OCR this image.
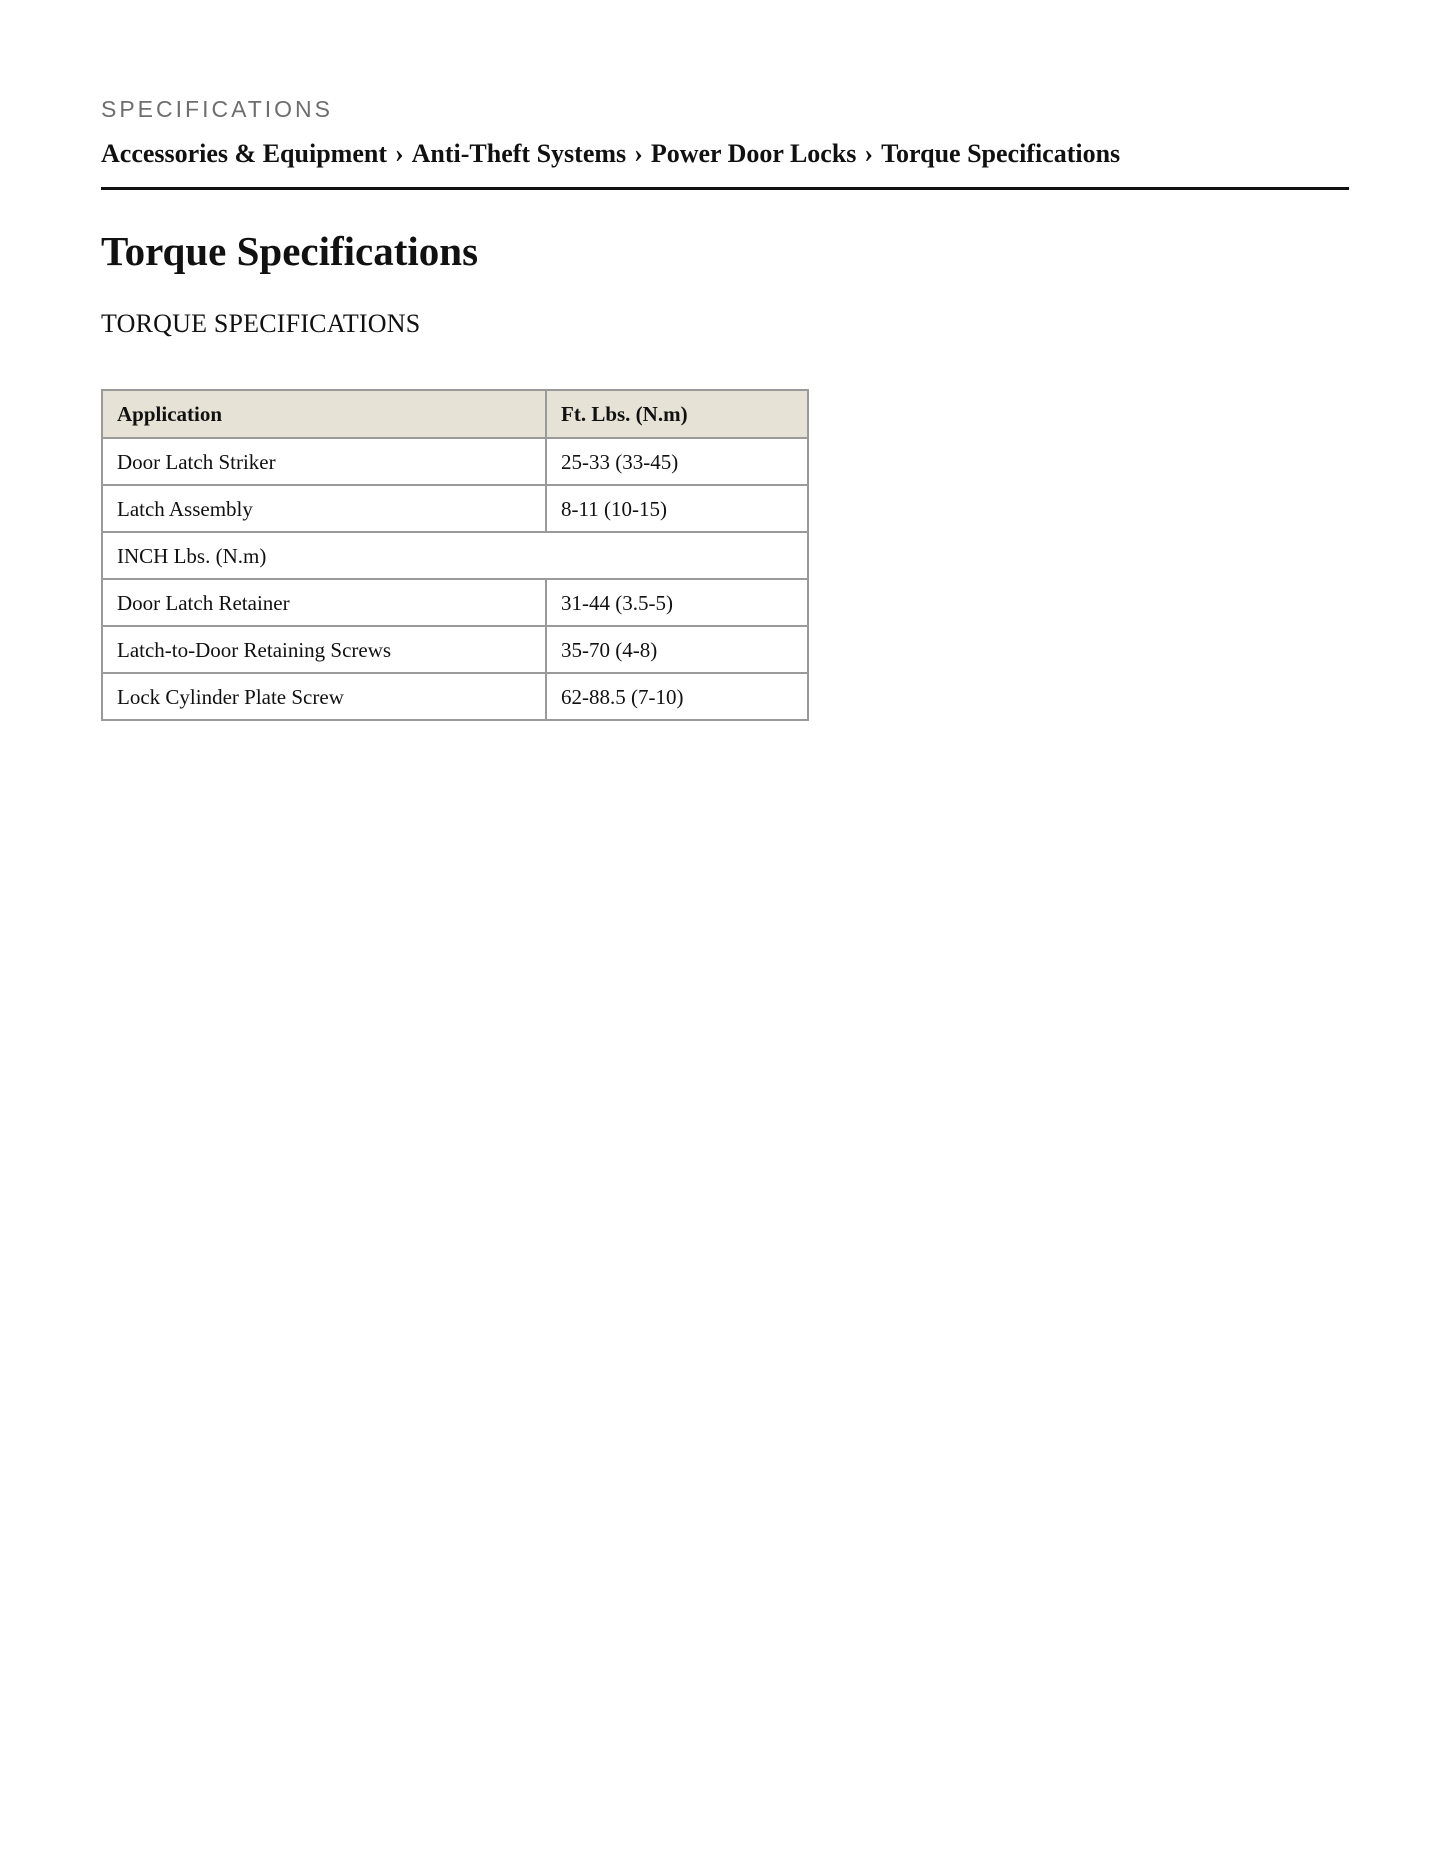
SPECIFICATIONS
Accessories & Equipment › Anti-Theft Systems › Power Door Locks › Torque Specifications
Torque Specifications
TORQUE SPECIFICATIONS
Application	Ft. Lbs. (N.m)
Door Latch Striker	25-33 (33-45)
Latch Assembly	8-11 (10-15)
INCH Lbs. (N.m)	
Door Latch Retainer	31-44 (3.5-5)
Latch-to-Door Retaining Screws	35-70 (4-8)
Lock Cylinder Plate Screw	62-88.5 (7-10)
